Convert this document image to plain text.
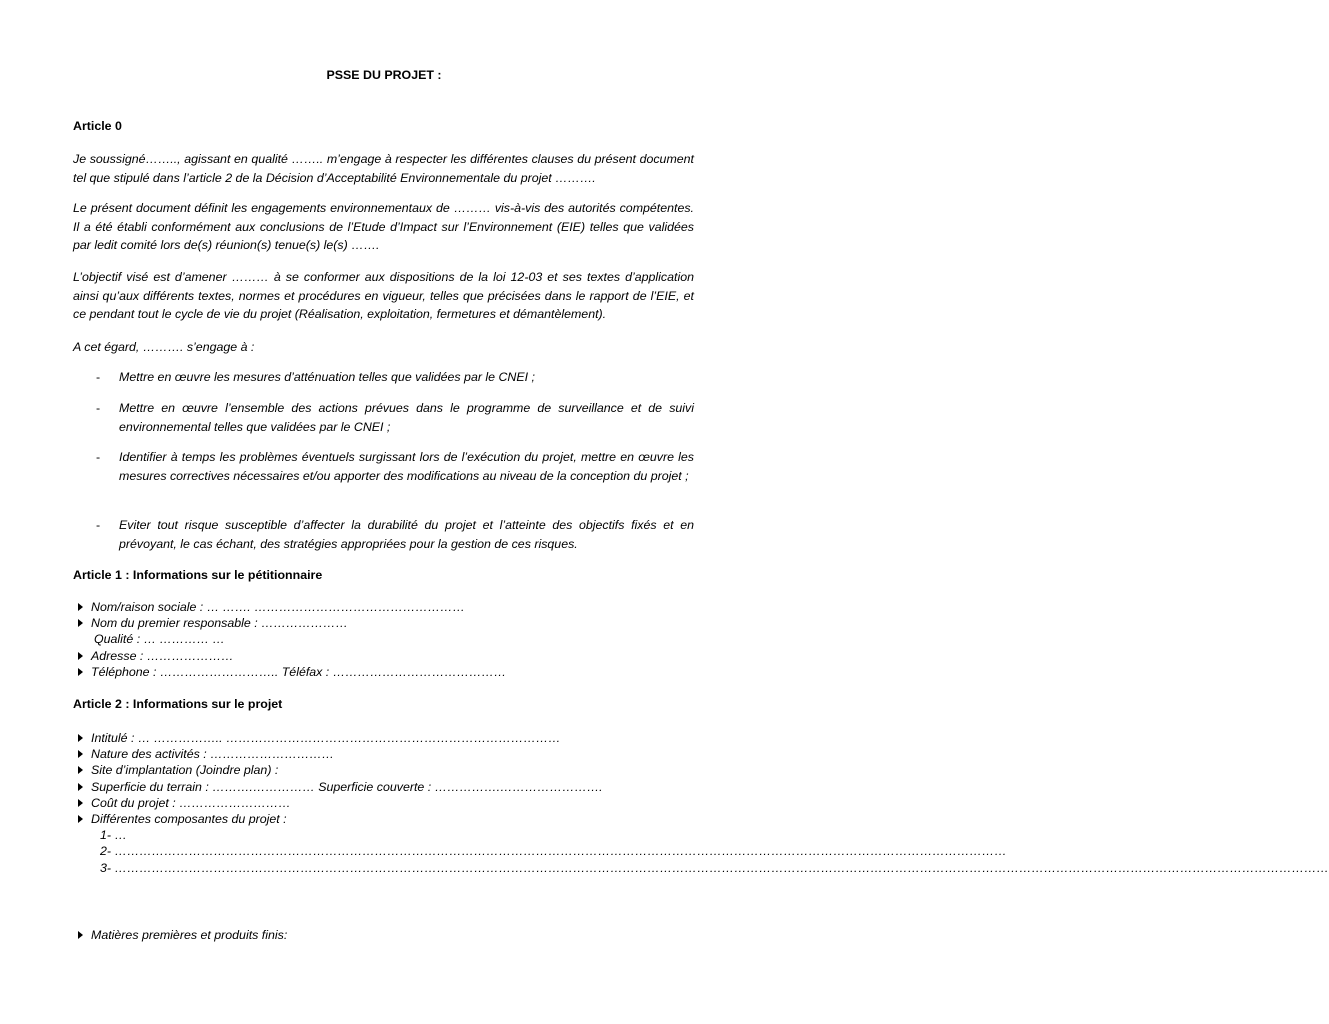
PSSE DU PROJET :
Article 0

Je soussigné…….., agissant en qualité …….. m’engage à respecter les différentes clauses du présent document tel que stipulé dans l’article 2 de la Décision d’Acceptabilité Environnementale du projet ……….

Le présent document définit les engagements environnementaux de ……… vis-à-vis des autorités compétentes. Il a été établi conformément aux conclusions de l’Etude d’Impact sur l’Environnement (EIE) telles que validées par ledit comité lors de(s) réunion(s) tenue(s) le(s) …….

L’objectif visé est d’amener ……… à se conformer aux dispositions de la loi 12-03 et ses textes d’application ainsi qu’aux différents textes, normes et procédures en vigueur, telles que précisées dans le rapport de l’EIE, et ce pendant tout le cycle de vie du projet (Réalisation, exploitation, fermetures et démantèlement).

A cet égard, ………. s’engage à :

- Mettre en œuvre les mesures d’atténuation telles que validées par le CNEI ;
- Mettre en œuvre l’ensemble des actions prévues dans le programme de surveillance et de suivi environnemental telles que validées par le CNEI ;
- Identifier à temps les problèmes éventuels surgissant lors de l’exécution du projet, mettre en œuvre les mesures correctives nécessaires et/ou apporter des modifications au niveau de la conception du projet ;
- Eviter tout risque susceptible d’affecter la durabilité du projet et l’atteinte des objectifs fixés et en prévoyant, le cas échant, des stratégies appropriées pour la gestion de ces risques.
Article 1 : Informations sur le pétitionnaire
Nom/raison sociale : … ……. ……………………………………………
Nom du premier responsable : …………………
Qualité : … ………… …
Adresse : …………………
Téléphone : ……………………….. Téléfax : ……………………………………
Article 2 : Informations sur le projet
Intitulé : … …………….. ………………………………………………………………………
Nature des activités : …………………………
Site d’implantation (Joindre plan) :
Superficie du terrain : ……….…………… Superficie couverte : …………….…………………….
Coût du projet : ………………………
Différentes composantes du projet :
1- …
2- ………………………………………………………………………………………………………………………………………………………………………………………………
3- ……………………………………………………………………………………………………………………………………………………………………………………………………………………………………………………………………
Matières premières et produits finis:
